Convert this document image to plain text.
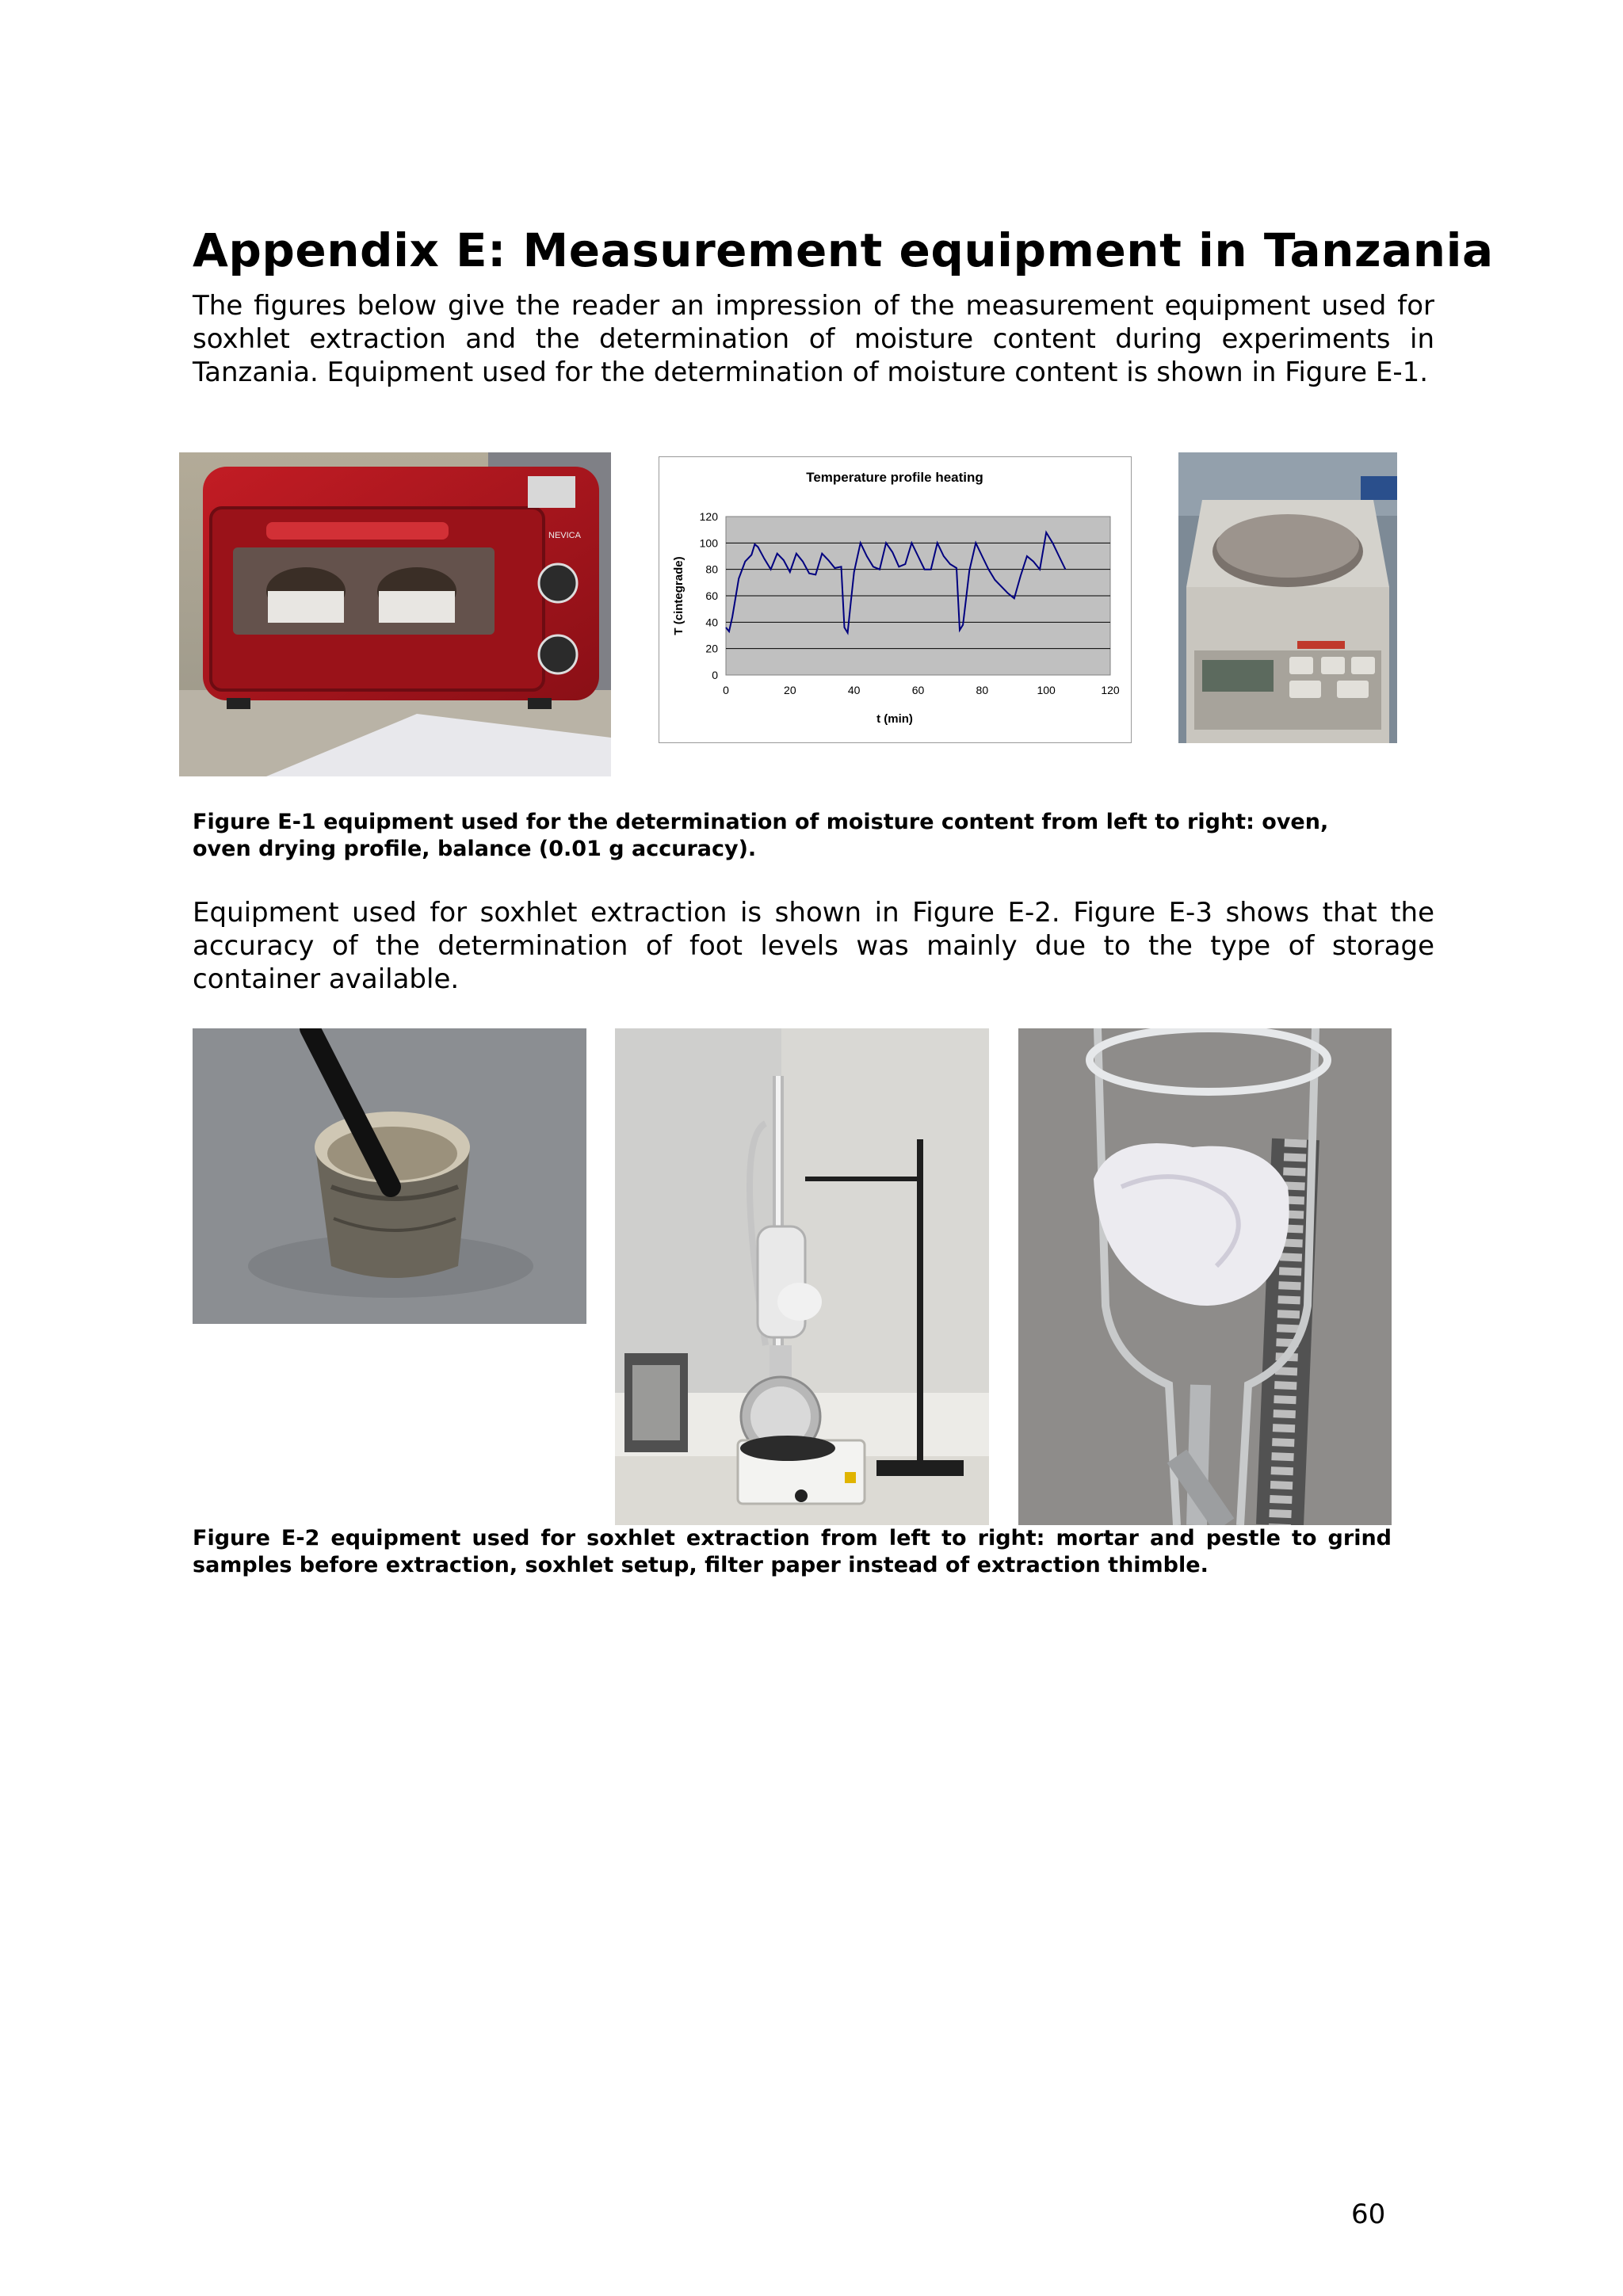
Appendix E: Measurement equipment in Tanzania

The figures below give the reader an impression of the measurement equipment used for soxhlet extraction and the determination of moisture content during experiments in Tanzania. Equipment used for the determination of moisture content is shown in Figure E-1.

NEVICA
Temperature profile heating
0
20
40
60
80
100
120
0	20	40	60	80	100	120
t (min)
T (cintegrade)

Figure E-1 equipment used for the determination of moisture content from left to right: oven,

oven drying profile, balance (0.01 g accuracy).

Equipment used for soxhlet extraction is shown in Figure E-2. Figure E-3 shows that the accuracy of the determination of foot levels was mainly due to the type of storage container available.

Figure E-2 equipment used for soxhlet extraction from left to right: mortar and pestle to grind samples before extraction, soxhlet setup, filter paper instead of extraction thimble.

60
